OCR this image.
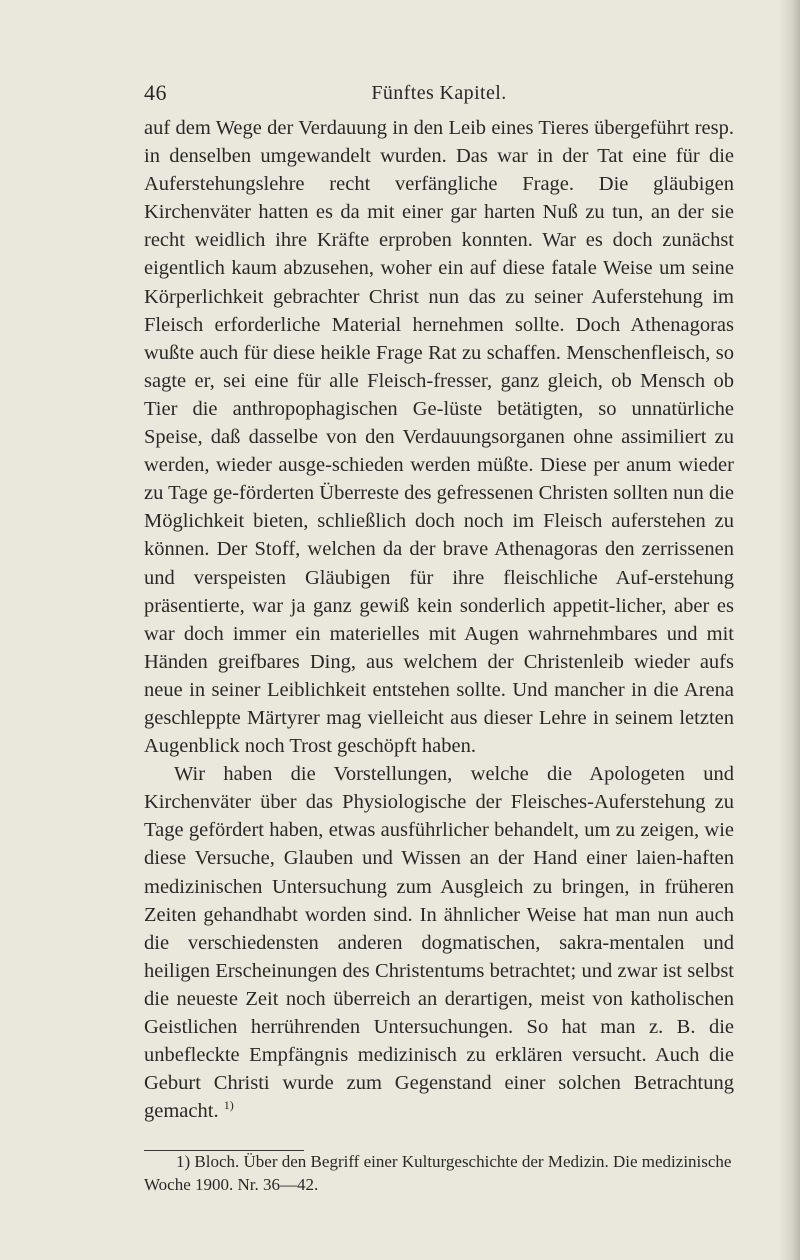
46	Fünftes Kapitel.

auf dem Wege der Verdauung in den Leib eines Tieres übergeführt resp. in denselben umgewandelt wurden. Das war in der Tat eine für die Auferstehungslehre recht verfängliche Frage. Die gläubigen Kirchenväter hatten es da mit einer gar harten Nuß zu tun, an der sie recht weidlich ihre Kräfte erproben konnten. War es doch zunächst eigentlich kaum abzusehen, woher ein auf diese fatale Weise um seine Körperlichkeit gebrachter Christ nun das zu seiner Auferstehung im Fleisch erforderliche Material hernehmen sollte. Doch Athenagoras wußte auch für diese heikle Frage Rat zu schaffen. Menschenfleisch, so sagte er, sei eine für alle Fleisch-fresser, ganz gleich, ob Mensch ob Tier die anthropophagischen Ge-lüste betätigten, so unnatürliche Speise, daß dasselbe von den Verdauungsorganen ohne assimiliert zu werden, wieder ausge-schieden werden müßte. Diese per anum wieder zu Tage ge-förderten Überreste des gefressenen Christen sollten nun die Möglichkeit bieten, schließlich doch noch im Fleisch auferstehen zu können. Der Stoff, welchen da der brave Athenagoras den zerrissenen und verspeisten Gläubigen für ihre fleischliche Auf-erstehung präsentierte, war ja ganz gewiß kein sonderlich appetit-licher, aber es war doch immer ein materielles mit Augen wahrnehmbares und mit Händen greifbares Ding, aus welchem der Christenleib wieder aufs neue in seiner Leiblichkeit entstehen sollte. Und mancher in die Arena geschleppte Märtyrer mag vielleicht aus dieser Lehre in seinem letzten Augenblick noch Trost geschöpft haben.

Wir haben die Vorstellungen, welche die Apologeten und Kirchenväter über das Physiologische der Fleisches-Auferstehung zu Tage gefördert haben, etwas ausführlicher behandelt, um zu zeigen, wie diese Versuche, Glauben und Wissen an der Hand einer laien-haften medizinischen Untersuchung zum Ausgleich zu bringen, in früheren Zeiten gehandhabt worden sind. In ähnlicher Weise hat man nun auch die verschiedensten anderen dogmatischen, sakra-mentalen und heiligen Erscheinungen des Christentums betrachtet; und zwar ist selbst die neueste Zeit noch überreich an derartigen, meist von katholischen Geistlichen herrührenden Untersuchungen. So hat man z. B. die unbefleckte Empfängnis medizinisch zu erklären versucht. Auch die Geburt Christi wurde zum Gegenstand einer solchen Betrachtung gemacht. $^{1)}$

1) Bloch. Über den Begriff einer Kulturgeschichte der Medizin. Die medizinische Woche 1900. Nr. 36—42.
